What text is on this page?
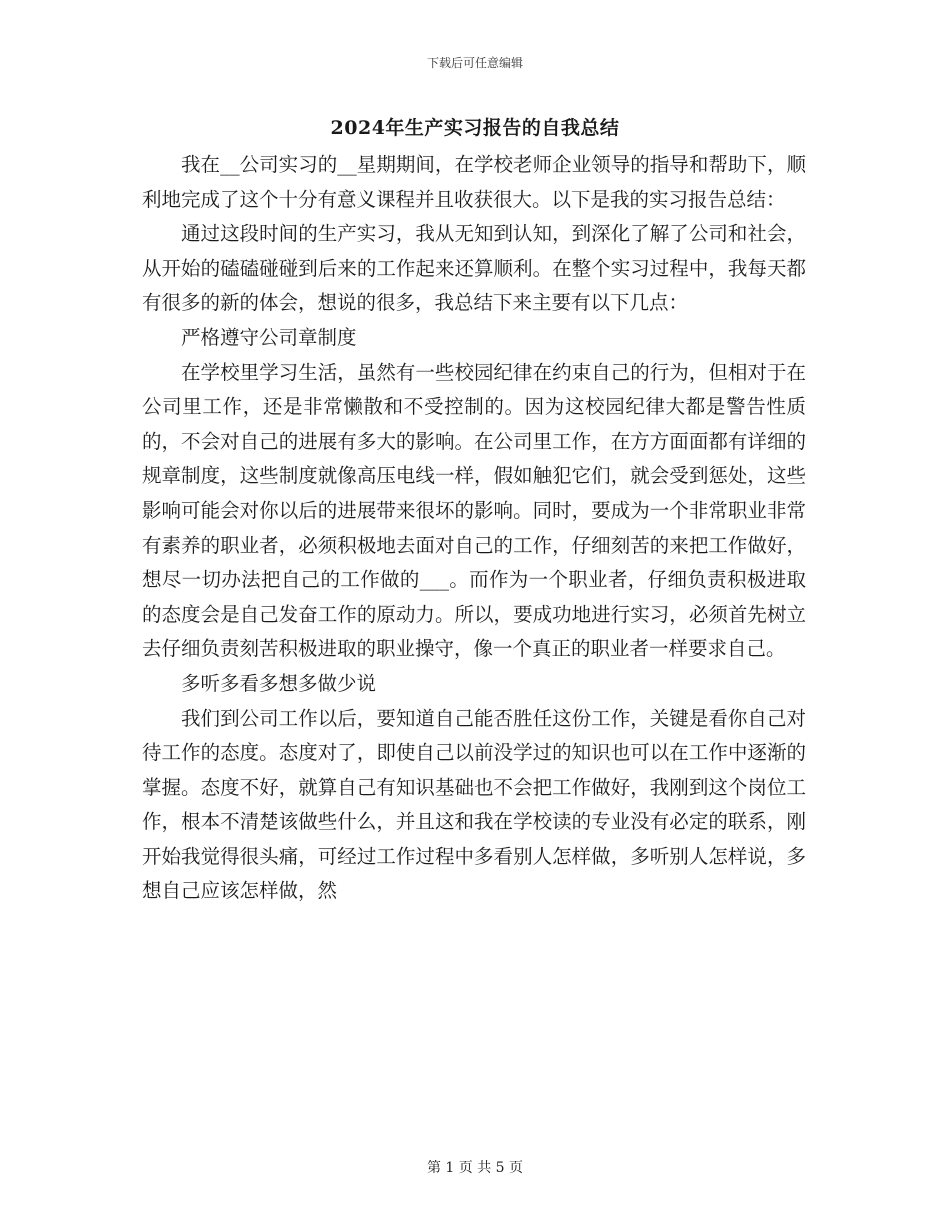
下载后可任意编辑
2024年生产实习报告的自我总结

我在__公司实习的__星期期间，在学校老师企业领导的指导和帮助下，顺利地完成了这个十分有意义课程并且收获很大。以下是我的实习报告总结：

通过这段时间的生产实习，我从无知到认知，到深化了解了公司和社会，从开始的磕磕碰碰到后来的工作起来还算顺利。在整个实习过程中，我每天都有很多的新的体会，想说的很多，我总结下来主要有以下几点：

严格遵守公司章制度

在学校里学习生活，虽然有一些校园纪律在约束自己的行为，但相对于在公司里工作，还是非常懒散和不受控制的。因为这校园纪律大都是警告性质的，不会对自己的进展有多大的影响。在公司里工作，在方方面面都有详细的规章制度，这些制度就像高压电线一样，假如触犯它们，就会受到惩处，这些影响可能会对你以后的进展带来很坏的影响。同时，要成为一个非常职业非常有素养的职业者，必须积极地去面对自己的工作，仔细刻苦的来把工作做好，想尽一切办法把自己的工作做的___。而作为一个职业者，仔细负责积极进取的态度会是自己发奋工作的原动力。所以，要成功地进行实习，必须首先树立去仔细负责刻苦积极进取的职业操守，像一个真正的职业者一样要求自己。

多听多看多想多做少说

我们到公司工作以后，要知道自己能否胜任这份工作，关键是看你自己对待工作的态度。态度对了，即使自己以前没学过的知识也可以在工作中逐渐的掌握。态度不好，就算自己有知识基础也不会把工作做好，我刚到这个岗位工作，根本不清楚该做些什么，并且这和我在学校读的专业没有必定的联系，刚开始我觉得很头痛，可经过工作过程中多看别人怎样做，多听别人怎样说，多想自己应该怎样做，然

第 1 页 共 5 页
